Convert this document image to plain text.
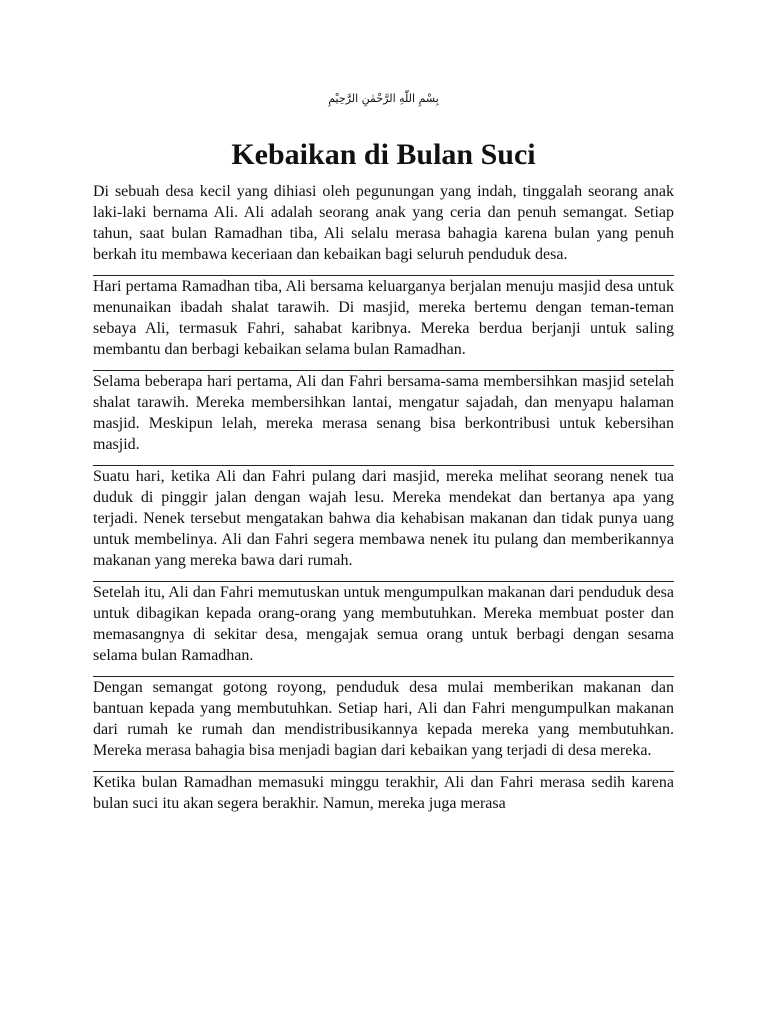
بِسْمِ اللّٰهِ الرَّحْمٰنِ الرَّحِيْمِ
Kebaikan di Bulan Suci

Di sebuah desa kecil yang dihiasi oleh pegunungan yang indah, tinggalah seorang anak laki-laki bernama Ali. Ali adalah seorang anak yang ceria dan penuh semangat. Setiap tahun, saat bulan Ramadhan tiba, Ali selalu merasa bahagia karena bulan yang penuh berkah itu membawa keceriaan dan kebaikan bagi seluruh penduduk desa.

Hari pertama Ramadhan tiba, Ali bersama keluarganya berjalan menuju masjid desa untuk menunaikan ibadah shalat tarawih. Di masjid, mereka bertemu dengan teman-teman sebaya Ali, termasuk Fahri, sahabat karibnya. Mereka berdua berjanji untuk saling membantu dan berbagi kebaikan selama bulan Ramadhan.

Selama beberapa hari pertama, Ali dan Fahri bersama-sama membersihkan masjid setelah shalat tarawih. Mereka membersihkan lantai, mengatur sajadah, dan menyapu halaman masjid. Meskipun lelah, mereka merasa senang bisa berkontribusi untuk kebersihan masjid.

Suatu hari, ketika Ali dan Fahri pulang dari masjid, mereka melihat seorang nenek tua duduk di pinggir jalan dengan wajah lesu. Mereka mendekat dan bertanya apa yang terjadi. Nenek tersebut mengatakan bahwa dia kehabisan makanan dan tidak punya uang untuk membelinya. Ali dan Fahri segera membawa nenek itu pulang dan memberikannya makanan yang mereka bawa dari rumah.

Setelah itu, Ali dan Fahri memutuskan untuk mengumpulkan makanan dari penduduk desa untuk dibagikan kepada orang-orang yang membutuhkan. Mereka membuat poster dan memasangnya di sekitar desa, mengajak semua orang untuk berbagi dengan sesama selama bulan Ramadhan.

Dengan semangat gotong royong, penduduk desa mulai memberikan makanan dan bantuan kepada yang membutuhkan. Setiap hari, Ali dan Fahri mengumpulkan makanan dari rumah ke rumah dan mendistribusikannya kepada mereka yang membutuhkan. Mereka merasa bahagia bisa menjadi bagian dari kebaikan yang terjadi di desa mereka.

Ketika bulan Ramadhan memasuki minggu terakhir, Ali dan Fahri merasa sedih karena bulan suci itu akan segera berakhir. Namun, mereka juga merasa
